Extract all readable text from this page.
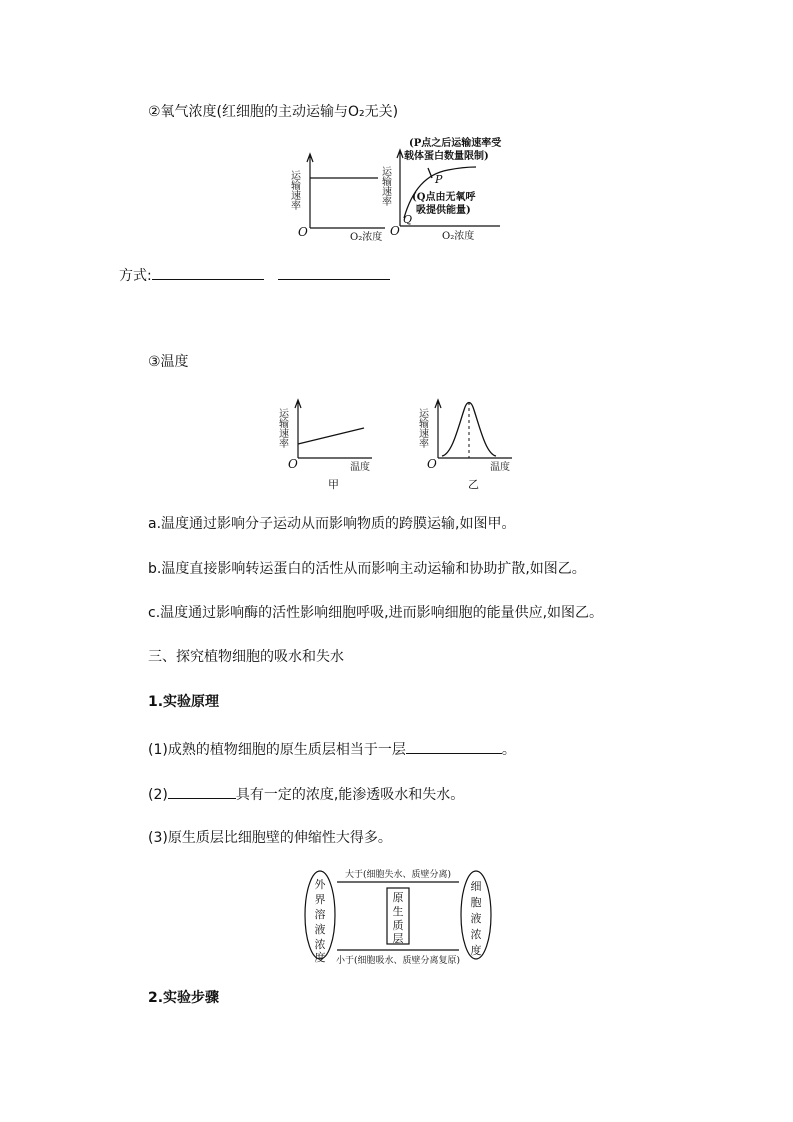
②氧气浓度(红细胞的主动运输与O₂无关)
运输速率
O	O₂浓度
运输速率
(P点之后运输速率受
载体蛋白数量限制)
P
(Q点由无氧呼
吸提供能量)
Q
O	O₂浓度
方式:
③温度
运输速率
O	温度
甲
运输速率
O	温度
乙
a.温度通过影响分子运动从而影响物质的跨膜运输,如图甲。
b.温度直接影响转运蛋白的活性从而影响主动运输和协助扩散,如图乙。
c.温度通过影响酶的活性影响细胞呼吸,进而影响细胞的能量供应,如图乙。
三、探究植物细胞的吸水和失水
1.实验原理
(1)成熟的植物细胞的原生质层相当于一层	。
(2)	具有一定的浓度,能渗透吸水和失水。
(3)原生质层比细胞壁的伸缩性大得多。
大于(细胞失水、质壁分离)
小于(细胞吸水、质壁分离复原)
外
界
溶
液
浓
度
细
胞
液
浓
度
原
生
质
层
2.实验步骤
